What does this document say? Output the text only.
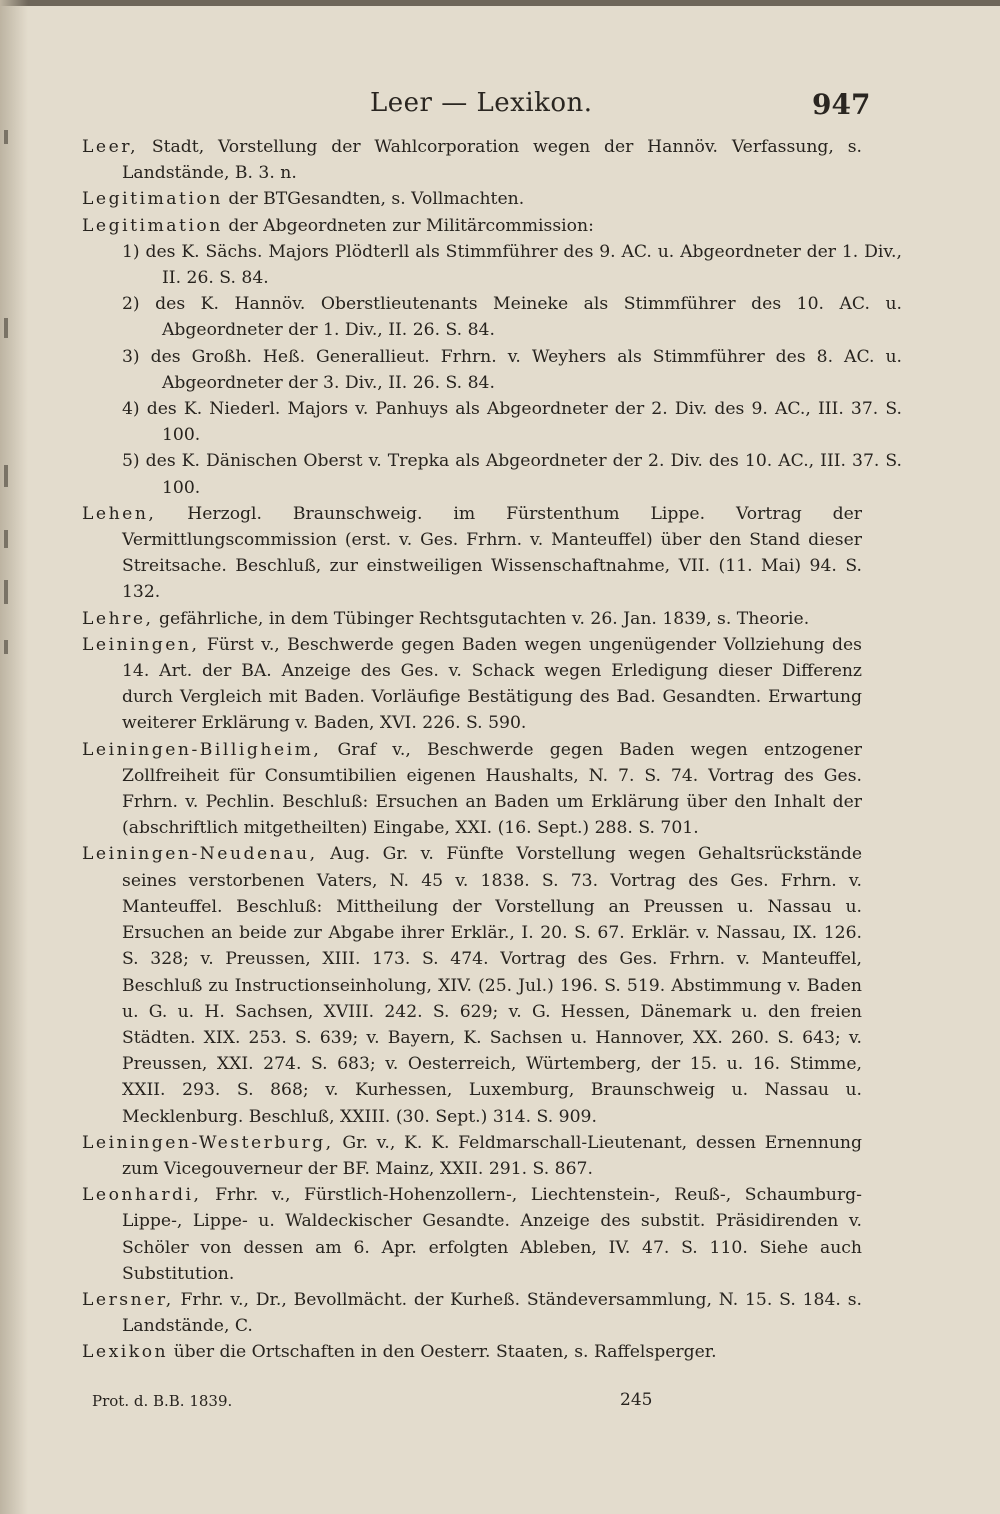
Leer — Lexikon.	947

Leer, Stadt, Vorstellung der Wahlcorporation wegen der Hannöv. Verfassung, s. Landstände, B. 3. n.

Legitimation der BTGesandten, s. Vollmachten.

Legitimation der Abgeordneten zur Militärcommission:

1) des K. Sächs. Majors Plödterll als Stimmführer des 9. AC. u. Abgeordneter der 1. Div., II. 26. S. 84.

2) des K. Hannöv. Oberstlieutenants Meineke als Stimmführer des 10. AC. u. Abgeordneter der 1. Div., II. 26. S. 84.

3) des Großh. Heß. Generallieut. Frhrn. v. Weyhers als Stimmführer des 8. AC. u. Abgeordneter der 3. Div., II. 26. S. 84.

4) des K. Niederl. Majors v. Panhuys als Abgeordneter der 2. Div. des 9. AC., III. 37. S. 100.

5) des K. Dänischen Oberst v. Trepka als Abgeordneter der 2. Div. des 10. AC., III. 37. S. 100.

Lehen, Herzogl. Braunschweig. im Fürstenthum Lippe. Vortrag der Vermittlungscommission (erst. v. Ges. Frhrn. v. Manteuffel) über den Stand dieser Streitsache. Beschluß, zur einstweiligen Wissenschaftnahme, VII. (11. Mai) 94. S. 132.

Lehre, gefährliche, in dem Tübinger Rechtsgutachten v. 26. Jan. 1839, s. Theorie.

Leiningen, Fürst v., Beschwerde gegen Baden wegen ungenügender Vollziehung des 14. Art. der BA. Anzeige des Ges. v. Schack wegen Erledigung dieser Differenz durch Vergleich mit Baden. Vorläufige Bestätigung des Bad. Gesandten. Erwartung weiterer Erklärung v. Baden, XVI. 226. S. 590.

Leiningen-Billigheim, Graf v., Beschwerde gegen Baden wegen entzogener Zollfreiheit für Consumtibilien eigenen Haushalts, N. 7. S. 74. Vortrag des Ges. Frhrn. v. Pechlin. Beschluß: Ersuchen an Baden um Erklärung über den Inhalt der (abschriftlich mitgetheilten) Eingabe, XXI. (16. Sept.) 288. S. 701.

Leiningen-Neudenau, Aug. Gr. v. Fünfte Vorstellung wegen Gehaltsrückstände seines verstorbenen Vaters, N. 45 v. 1838. S. 73. Vortrag des Ges. Frhrn. v. Manteuffel. Beschluß: Mittheilung der Vorstellung an Preussen u. Nassau u. Ersuchen an beide zur Abgabe ihrer Erklär., I. 20. S. 67. Erklär. v. Nassau, IX. 126. S. 328; v. Preussen, XIII. 173. S. 474. Vortrag des Ges. Frhrn. v. Manteuffel, Beschluß zu Instructionseinholung, XIV. (25. Jul.) 196. S. 519. Abstimmung v. Baden u. G. u. H. Sachsen, XVIII. 242. S. 629; v. G. Hessen, Dänemark u. den freien Städten. XIX. 253. S. 639; v. Bayern, K. Sachsen u. Hannover, XX. 260. S. 643; v. Preussen, XXI. 274. S. 683; v. Oesterreich, Würtemberg, der 15. u. 16. Stimme, XXII. 293. S. 868; v. Kurhessen, Luxemburg, Braunschweig u. Nassau u. Mecklenburg. Beschluß, XXIII. (30. Sept.) 314. S. 909.

Leiningen-Westerburg, Gr. v., K. K. Feldmarschall-Lieutenant, dessen Ernennung zum Vicegouverneur der BF. Mainz, XXII. 291. S. 867.

Leonhardi, Frhr. v., Fürstlich-Hohenzollern-, Liechtenstein-, Reuß-, Schaumburg-Lippe-, Lippe- u. Waldeckischer Gesandte. Anzeige des substit. Präsidirenden v. Schöler von dessen am 6. Apr. erfolgten Ableben, IV. 47. S. 110. Siehe auch Substitution.

Lersner, Frhr. v., Dr., Bevollmächt. der Kurheß. Ständeversammlung, N. 15. S. 184. s. Landstände, C.

Lexikon über die Ortschaften in den Oesterr. Staaten, s. Raffelsperger.

Prot. d. B.B. 1839.	245
